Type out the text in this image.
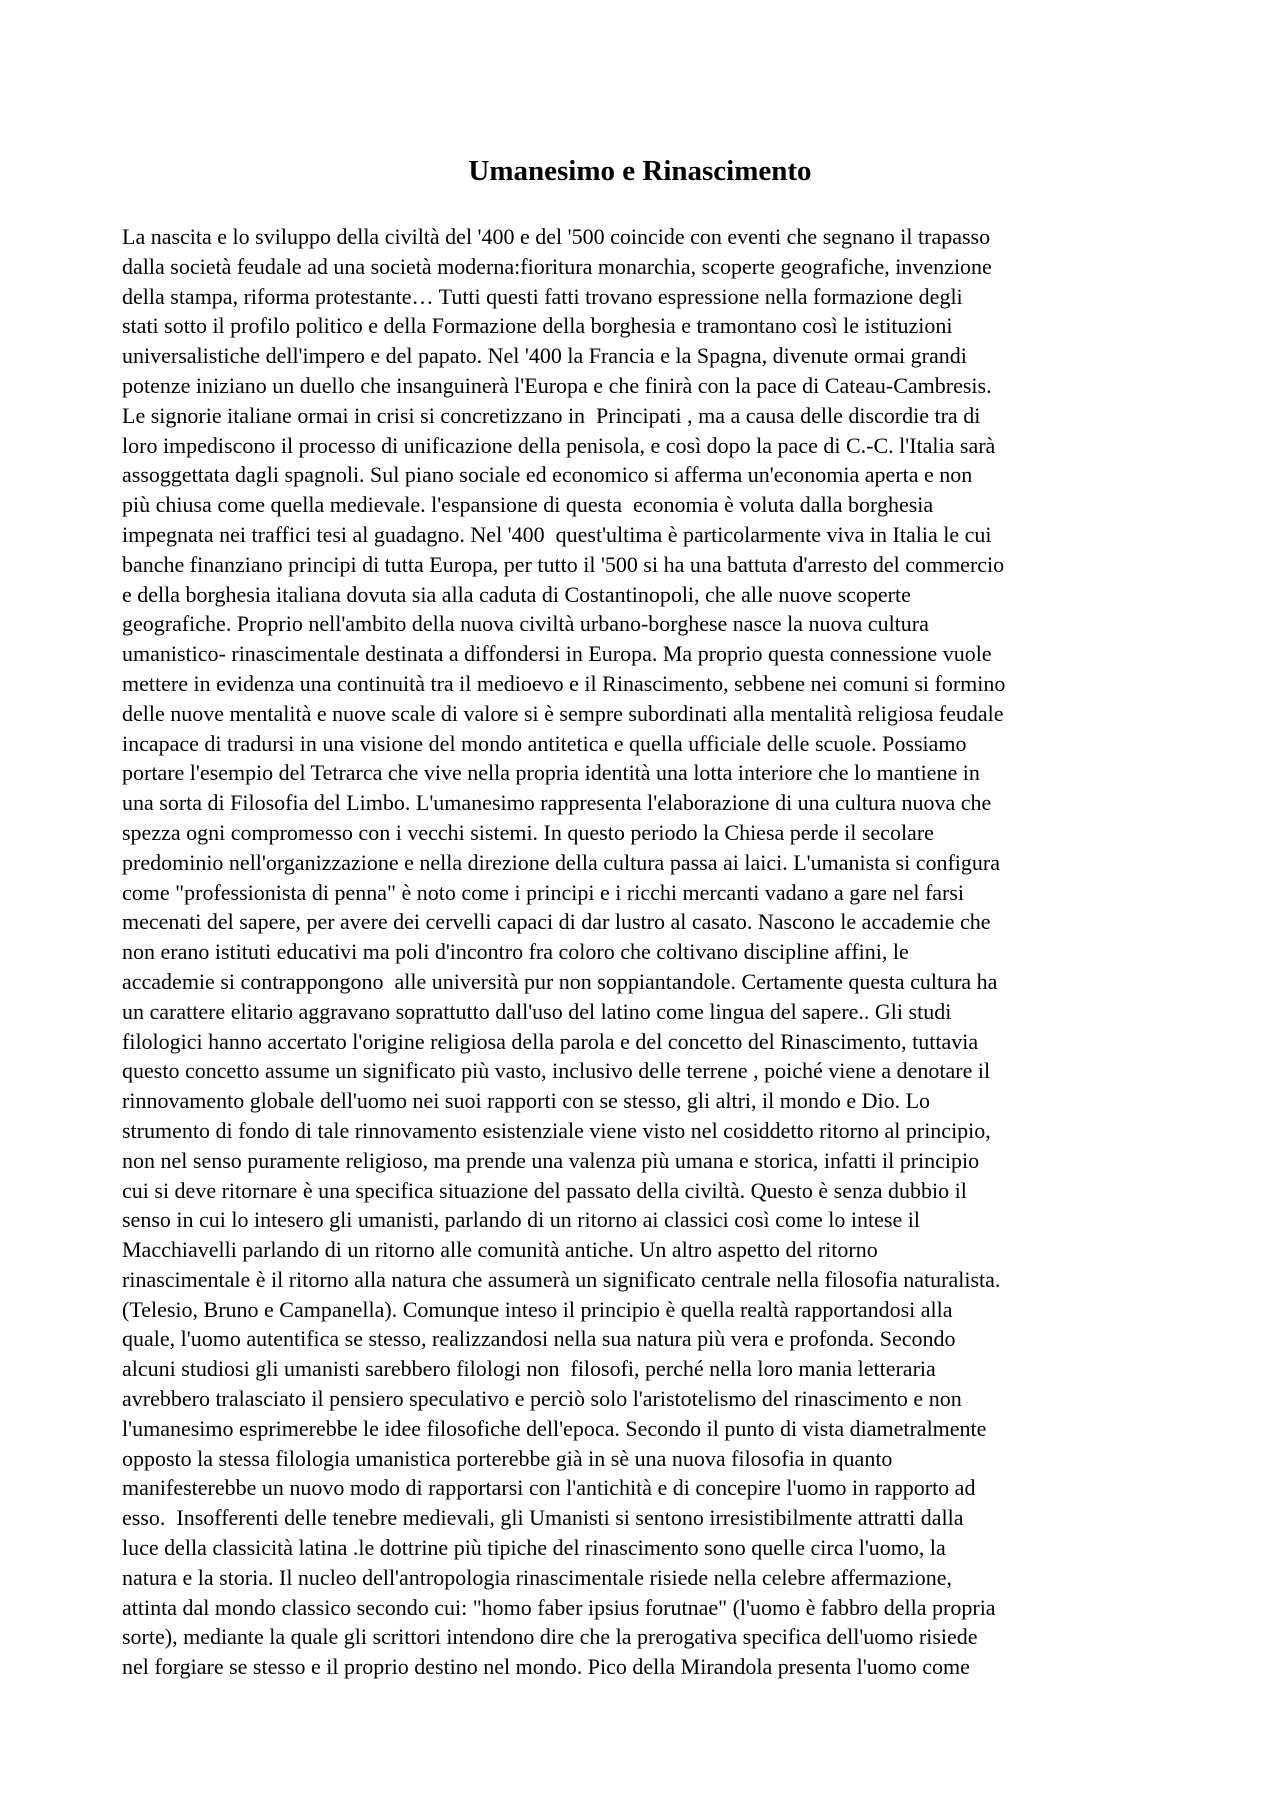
Umanesimo e Rinascimento
La nascita e lo sviluppo della civiltà del '400 e del '500 coincide con eventi che segnano il trapasso
dalla società feudale ad una società moderna:fioritura monarchia, scoperte geografiche, invenzione
della stampa, riforma protestante… Tutti questi fatti trovano espressione nella formazione degli
stati sotto il profilo politico e della Formazione della borghesia e tramontano così le istituzioni
universalistiche dell'impero e del papato. Nel '400 la Francia e la Spagna, divenute ormai grandi
potenze iniziano un duello che insanguinerà l'Europa e che finirà con la pace di Cateau-Cambresis.
Le signorie italiane ormai in crisi si concretizzano in  Principati , ma a causa delle discordie tra di
loro impediscono il processo di unificazione della penisola, e così dopo la pace di C.-C. l'Italia sarà
assoggettata dagli spagnoli. Sul piano sociale ed economico si afferma un'economia aperta e non
più chiusa come quella medievale. l'espansione di questa  economia è voluta dalla borghesia
impegnata nei traffici tesi al guadagno. Nel '400  quest'ultima è particolarmente viva in Italia le cui
banche finanziano principi di tutta Europa, per tutto il '500 si ha una battuta d'arresto del commercio
e della borghesia italiana dovuta sia alla caduta di Costantinopoli, che alle nuove scoperte
geografiche. Proprio nell'ambito della nuova civiltà urbano-borghese nasce la nuova cultura
umanistico- rinascimentale destinata a diffondersi in Europa. Ma proprio questa connessione vuole
mettere in evidenza una continuità tra il medioevo e il Rinascimento, sebbene nei comuni si formino
delle nuove mentalità e nuove scale di valore si è sempre subordinati alla mentalità religiosa feudale
incapace di tradursi in una visione del mondo antitetica e quella ufficiale delle scuole. Possiamo
portare l'esempio del Tetrarca che vive nella propria identità una lotta interiore che lo mantiene in
una sorta di Filosofia del Limbo. L'umanesimo rappresenta l'elaborazione di una cultura nuova che
spezza ogni compromesso con i vecchi sistemi. In questo periodo la Chiesa perde il secolare
predominio nell'organizzazione e nella direzione della cultura passa ai laici. L'umanista si configura
come "professionista di penna" è noto come i principi e i ricchi mercanti vadano a gare nel farsi
mecenati del sapere, per avere dei cervelli capaci di dar lustro al casato. Nascono le accademie che
non erano istituti educativi ma poli d'incontro fra coloro che coltivano discipline affini, le
accademie si contrappongono  alle università pur non soppiantandole. Certamente questa cultura ha
un carattere elitario aggravano soprattutto dall'uso del latino come lingua del sapere.. Gli studi
filologici hanno accertato l'origine religiosa della parola e del concetto del Rinascimento, tuttavia
questo concetto assume un significato più vasto, inclusivo delle terrene , poiché viene a denotare il
rinnovamento globale dell'uomo nei suoi rapporti con se stesso, gli altri, il mondo e Dio. Lo
strumento di fondo di tale rinnovamento esistenziale viene visto nel cosiddetto ritorno al principio,
non nel senso puramente religioso, ma prende una valenza più umana e storica, infatti il principio
cui si deve ritornare è una specifica situazione del passato della civiltà. Questo è senza dubbio il
senso in cui lo intesero gli umanisti, parlando di un ritorno ai classici così come lo intese il
Macchiavelli parlando di un ritorno alle comunità antiche. Un altro aspetto del ritorno
rinascimentale è il ritorno alla natura che assumerà un significato centrale nella filosofia naturalista.
(Telesio, Bruno e Campanella). Comunque inteso il principio è quella realtà rapportandosi alla
quale, l'uomo autentifica se stesso, realizzandosi nella sua natura più vera e profonda. Secondo
alcuni studiosi gli umanisti sarebbero filologi non  filosofi, perché nella loro mania letteraria
avrebbero tralasciato il pensiero speculativo e perciò solo l'aristotelismo del rinascimento e non
l'umanesimo esprimerebbe le idee filosofiche dell'epoca. Secondo il punto di vista diametralmente
opposto la stessa filologia umanistica porterebbe già in sè una nuova filosofia in quanto
manifesterebbe un nuovo modo di rapportarsi con l'antichità e di concepire l'uomo in rapporto ad
esso.  Insofferenti delle tenebre medievali, gli Umanisti si sentono irresistibilmente attratti dalla
luce della classicità latina .le dottrine più tipiche del rinascimento sono quelle circa l'uomo, la
natura e la storia. Il nucleo dell'antropologia rinascimentale risiede nella celebre affermazione,
attinta dal mondo classico secondo cui: "homo faber ipsius forutnae" (l'uomo è fabbro della propria
sorte), mediante la quale gli scrittori intendono dire che la prerogativa specifica dell'uomo risiede
nel forgiare se stesso e il proprio destino nel mondo. Pico della Mirandola presenta l'uomo come
